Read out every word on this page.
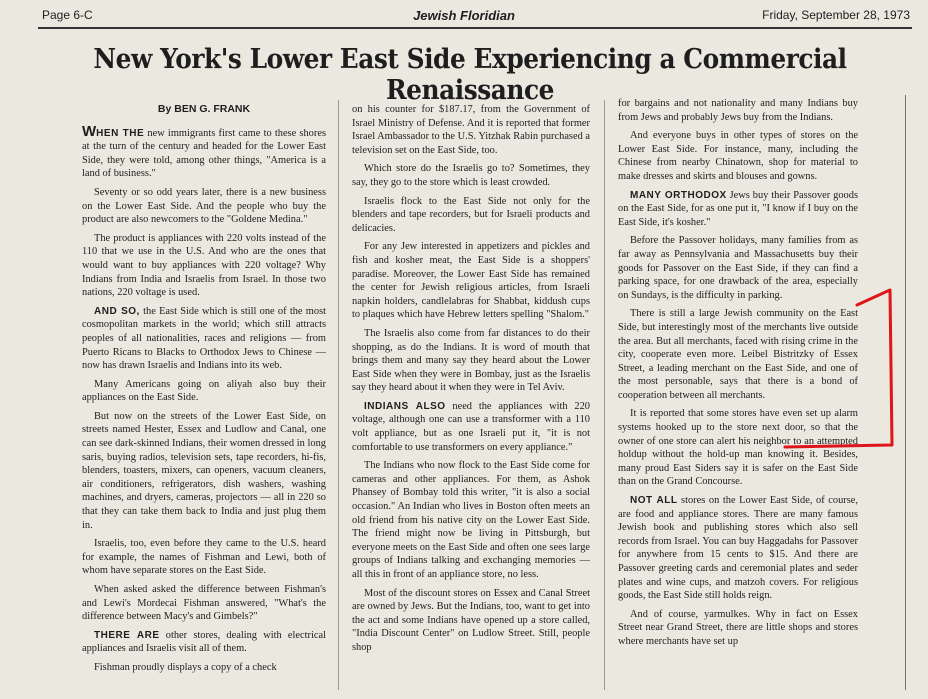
Page 6-C	Jewish Floridian	Friday, September 28, 1973
New York's Lower East Side Experiencing a Commercial Renaissance
By BEN G. FRANK

WHEN THE new immigrants first came to these shores at the turn of the century and headed for the Lower East Side, they were told, among other things, "America is a land of business."

Seventy or so odd years later, there is a new business on the Lower East Side. And the people who buy the product are also newcomers to the "Goldene Medina."

The product is appliances with 220 volts instead of the 110 that we use in the U.S. And who are the ones that would want to buy appliances with 220 voltage? Why Indians from India and Israelis from Israel. In those two nations, 220 voltage is used.

AND SO, the East Side which is still one of the most cosmopolitan markets in the world; which still attracts peoples of all nationalities, races and religions — from Puerto Ricans to Blacks to Orthodox Jews to Chinese — now has drawn Israelis and Indians into its web.

Many Americans going on aliyah also buy their appliances on the East Side.

But now on the streets of the Lower East Side, on streets named Hester, Essex and Ludlow and Canal, one can see dark-skinned Indians, their women dressed in long saris, buying radios, television sets, tape recorders, hi-fis, blenders, toasters, mixers, can openers, vacuum cleaners, air conditioners, refrigerators, dish washers, washing machines, and dryers, cameras, projectors — all in 220 so that they can take them back to India and just plug them in.

Israelis, too, even before they came to the U.S. heard for example, the names of Fishman and Lewi, both of whom have separate stores on the East Side.

When asked asked the difference between Fishman's and Lewi's Mordecai Fishman answered, "What's the difference between Macy's and Gimbels?"

THERE ARE other stores, dealing with electrical appliances and Israelis visit all of them.

Fishman proudly displays a copy of a check

on his counter for $187.17, from the Government of Israel Ministry of Defense. And it is reported that former Israel Ambassador to the U.S. Yitzhak Rabin purchased a television set on the East Side, too.

Which store do the Israelis go to? Sometimes, they say, they go to the store which is least crowded.

Israelis flock to the East Side not only for the blenders and tape recorders, but for Israeli products and delicacies.

For any Jew interested in appetizers and pickles and fish and kosher meat, the East Side is a shoppers' paradise. Moreover, the Lower East Side has remained the center for Jewish religious articles, from Israeli napkin holders, candlelabras for Shabbat, kiddush cups to plaques which have Hebrew letters spelling "Shalom."

The Israelis also come from far distances to do their shopping, as do the Indians. It is word of mouth that brings them and many say they heard about the Lower East Side when they were in Bombay, just as the Israelis say they heard about it when they were in Tel Aviv.

INDIANS ALSO need the appliances with 220 voltage, although one can use a transformer with a 110 volt appliance, but as one Israeli put it, "it is not comfortable to use transformers on every appliance."

The Indians who now flock to the East Side come for cameras and other appliances. For them, as Ashok Phansey of Bombay told this writer, "it is also a social occasion." An Indian who lives in Boston often meets an old friend from his native city on the Lower East Side. The friend might now be living in Pittsburgh, but everyone meets on the East Side and often one sees large groups of Indians talking and exchanging memories — all this in front of an appliance store, no less.

Most of the discount stores on Essex and Canal Street are owned by Jews. But the Indians, too, want to get into the act and some Indians have opened up a store called, "India Discount Center" on Ludlow Street. Still, people shop

for bargains and not nationality and many Indians buy from Jews and probably Jews buy from the Indians.

And everyone buys in other types of stores on the Lower East Side. For instance, many, including the Chinese from nearby Chinatown, shop for material to make dresses and skirts and blouses and gowns.

MANY ORTHODOX Jews buy their Passover goods on the East Side, for as one put it, "I know if I buy on the East Side, it's kosher."

Before the Passover holidays, many families from as far away as Pennsylvania and Massachusetts buy their goods for Passover on the East Side, if they can find a parking space, for one drawback of the area, especially on Sundays, is the difficulty in parking.

There is still a large Jewish community on the East Side, but interestingly most of the merchants live outside the area. But all merchants, faced with rising crime in the city, cooperate even more. Leibel Bistritzky of Essex Street, a leading merchant on the East Side, and one of the most personable, says that there is a bond of cooperation between all merchants.

It is reported that some stores have even set up alarm systems hooked up to the store next door, so that the owner of one store can alert his neighbor to an attempted holdup without the hold-up man knowing it. Besides, many proud East Siders say it is safer on the East Side than on the Grand Concourse.

NOT ALL stores on the Lower East Side, of course, are food and appliance stores. There are many famous Jewish book and publishing stores which also sell records from Israel. You can buy Haggadahs for Passover for anywhere from 15 cents to $15. And there are Passover greeting cards and ceremonial plates and seder plates and wine cups, and matzoh covers. For religious goods, the East Side still holds reign.

And of course, yarmulkes. Why in fact on Essex Street near Grand Street, there are little shops and stores where merchants have set up
